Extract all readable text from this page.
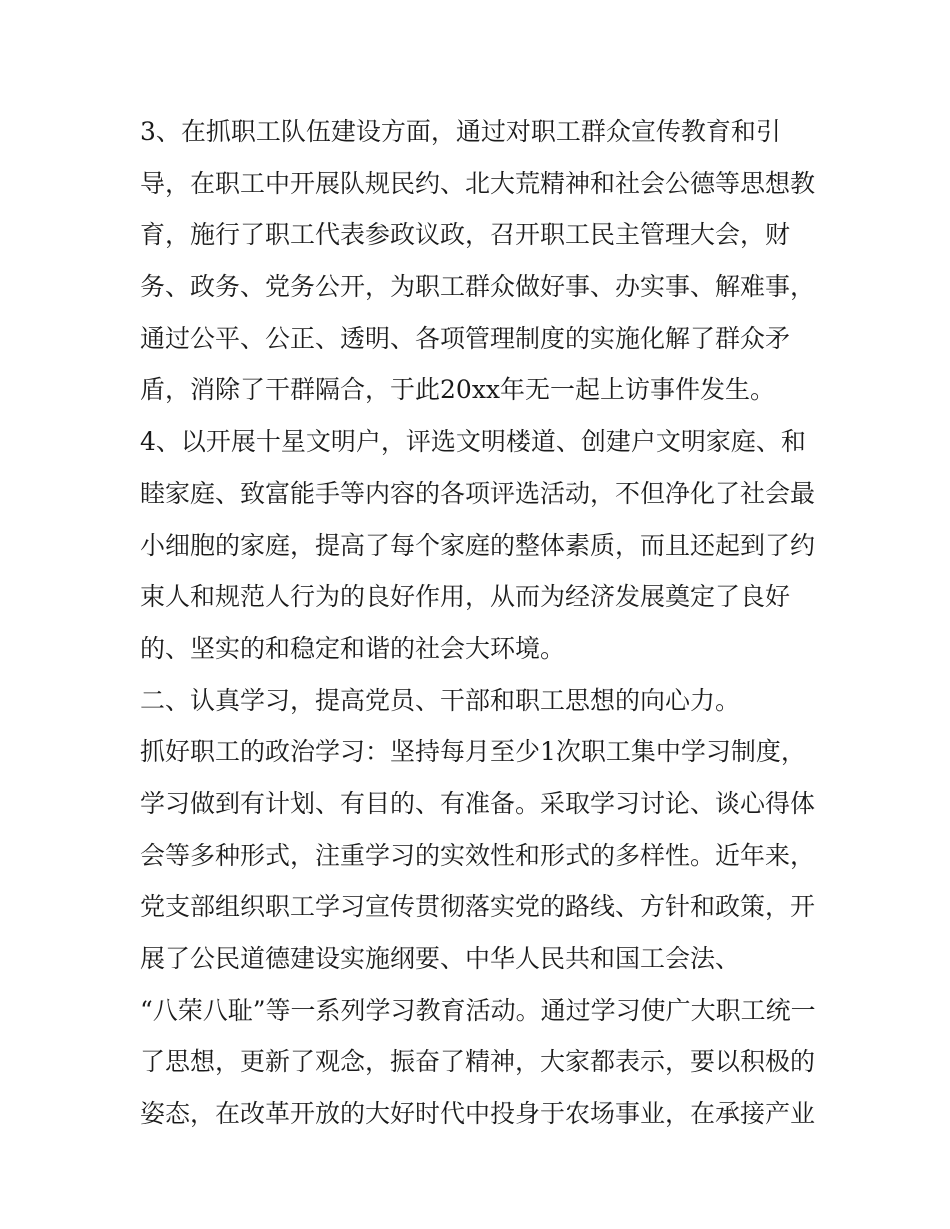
3、在抓职工队伍建设方面，通过对职工群众宣传教育和引
导，在职工中开展队规民约、北大荒精神和社会公德等思想教
育，施行了职工代表参政议政，召开职工民主管理大会，财
务、政务、党务公开，为职工群众做好事、办实事、解难事，
通过公平、公正、透明、各项管理制度的实施化解了群众矛
盾，消除了干群隔合，于此20xx年无一起上访事件发生。
4、以开展十星文明户，评选文明楼道、创建户文明家庭、和
睦家庭、致富能手等内容的各项评选活动，不但净化了社会最
小细胞的家庭，提高了每个家庭的整体素质，而且还起到了约
束人和规范人行为的良好作用，从而为经济发展奠定了良好
的、坚实的和稳定和谐的社会大环境。
二、认真学习，提高党员、干部和职工思想的向心力。
抓好职工的政治学习：坚持每月至少1次职工集中学习制度，
学习做到有计划、有目的、有准备。采取学习讨论、谈心得体
会等多种形式，注重学习的实效性和形式的多样性。近年来，
党支部组织职工学习宣传贯彻落实党的路线、方针和政策，开
展了公民道德建设实施纲要、中华人民共和国工会法、
“八荣八耻”等一系列学习教育活动。通过学习使广大职工统一
了思想，更新了观念，振奋了精神，大家都表示，要以积极的
姿态，在改革开放的大好时代中投身于农场事业，在承接产业
